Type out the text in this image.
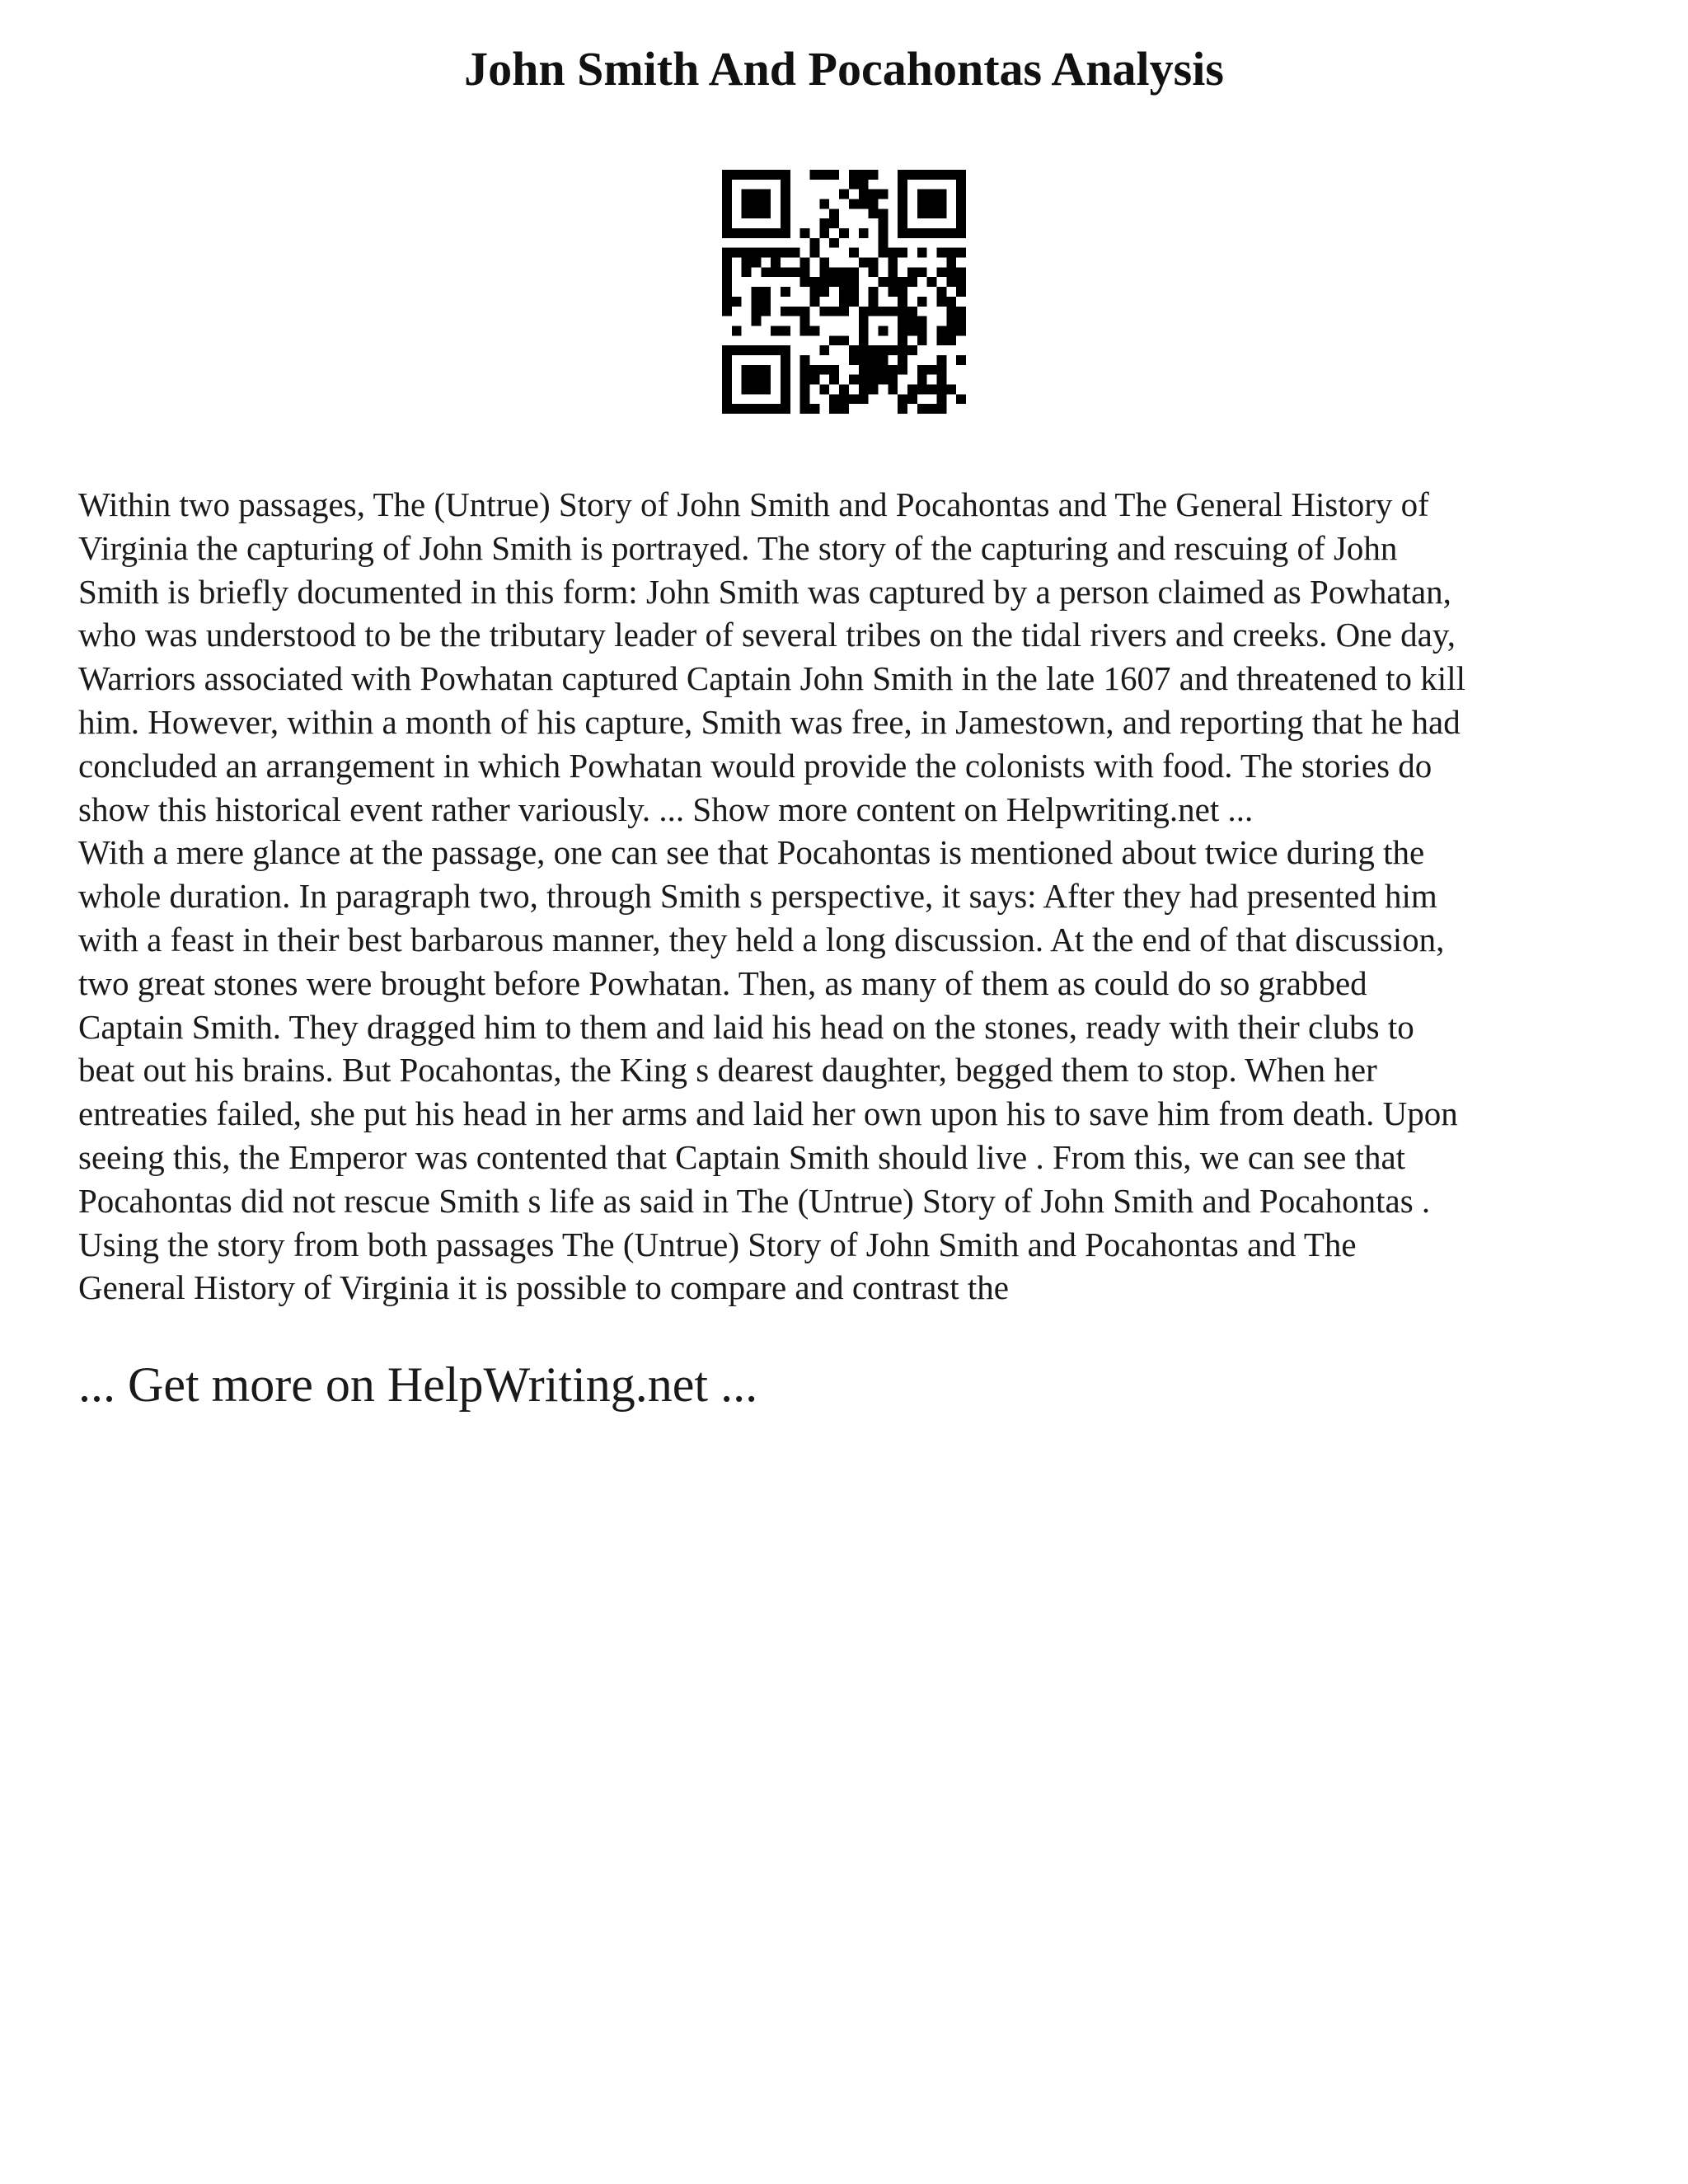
John Smith And Pocahontas Analysis

Within two passages, The (Untrue) Story of John Smith and Pocahontas and The General History of
Virginia the capturing of John Smith is portrayed. The story of the capturing and rescuing of John
Smith is briefly documented in this form: John Smith was captured by a person claimed as Powhatan,
who was understood to be the tributary leader of several tribes on the tidal rivers and creeks. One day,
Warriors associated with Powhatan captured Captain John Smith in the late 1607 and threatened to kill
him. However, within a month of his capture, Smith was free, in Jamestown, and reporting that he had
concluded an arrangement in which Powhatan would provide the colonists with food. The stories do
show this historical event rather variously. ... Show more content on Helpwriting.net ...

With a mere glance at the passage, one can see that Pocahontas is mentioned about twice during the
whole duration. In paragraph two, through Smith s perspective, it says: After they had presented him
with a feast in their best barbarous manner, they held a long discussion. At the end of that discussion,
two great stones were brought before Powhatan. Then, as many of them as could do so grabbed
Captain Smith. They dragged him to them and laid his head on the stones, ready with their clubs to
beat out his brains. But Pocahontas, the King s dearest daughter, begged them to stop. When her
entreaties failed, she put his head in her arms and laid her own upon his to save him from death. Upon
seeing this, the Emperor was contented that Captain Smith should live . From this, we can see that
Pocahontas did not rescue Smith s life as said in The (Untrue) Story of John Smith and Pocahontas .
Using the story from both passages The (Untrue) Story of John Smith and Pocahontas and The
General History of Virginia it is possible to compare and contrast the

... Get more on HelpWriting.net ...
